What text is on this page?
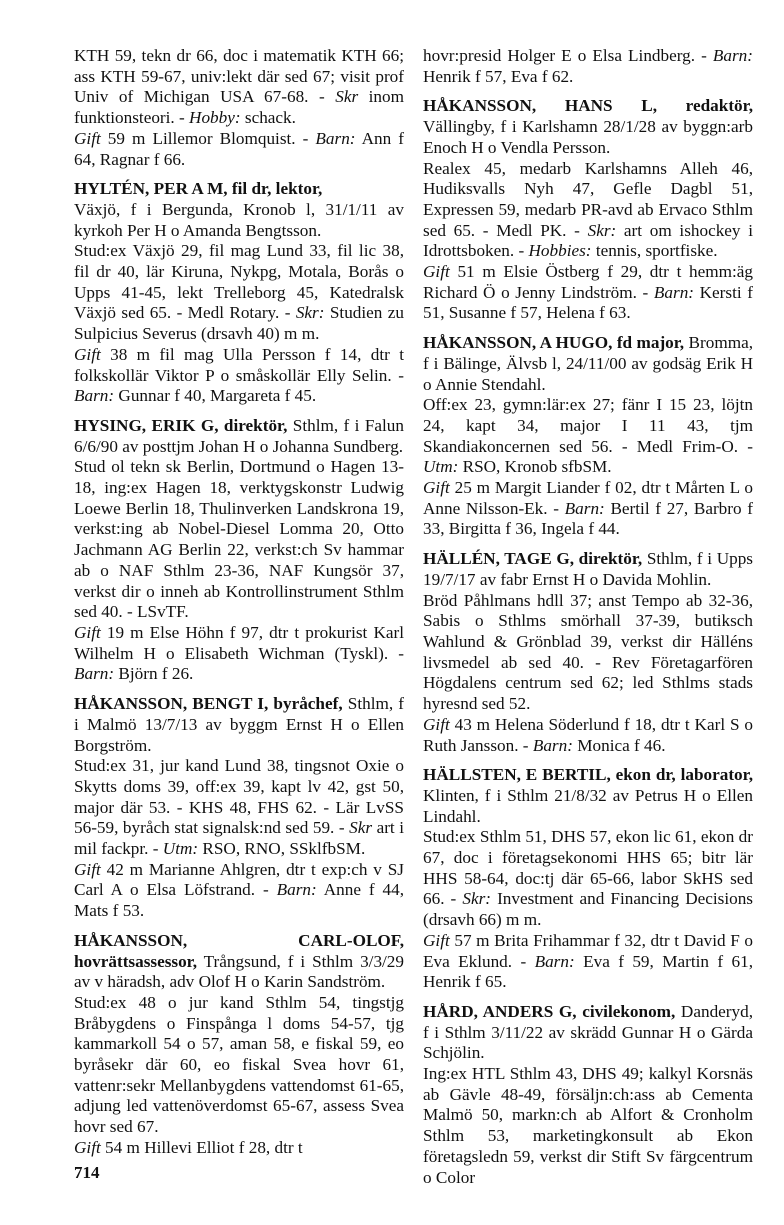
KTH 59, tekn dr 66, doc i matematik KTH 66; ass KTH 59-67, univ:lekt där sed 67; visit prof Univ of Michigan USA 67-68. - Skr inom funktionsteori. - Hobby: schack.

Gift 59 m Lillemor Blomquist. - Barn: Ann f 64, Ragnar f 66.

HYLTÉN, PER A M, fil dr, lektor,

Växjö, f i Bergunda, Kronob l, 31/1/11 av kyrkoh Per H o Amanda Bengtsson.

Stud:ex Växjö 29, fil mag Lund 33, fil lic 38, fil dr 40, lär Kiruna, Nykpg, Motala, Borås o Upps 41-45, lekt Trelleborg 45, Katedralsk Växjö sed 65. - Medl Rotary. - Skr: Studien zu Sulpicius Severus (drsavh 40) m m.

Gift 38 m fil mag Ulla Persson f 14, dtr t folkskollär Viktor P o småskollär Elly Selin. - Barn: Gunnar f 40, Margareta f 45.

HYSING, ERIK G, direktör, Sthlm, f i Falun 6/6/90 av posttjm Johan H o Johanna Sundberg.

Stud ol tekn sk Berlin, Dortmund o Hagen 13-18, ing:ex Hagen 18, verktygskonstr Ludwig Loewe Berlin 18, Thulinverken Landskrona 19, verkst:ing ab Nobel-Diesel Lomma 20, Otto Jachmann AG Berlin 22, verkst:ch Sv hammar ab o NAF Sthlm 23-36, NAF Kungsör 37, verkst dir o inneh ab Kontrollinstrument Sthlm sed 40. - LSvTF.

Gift 19 m Else Höhn f 97, dtr t prokurist Karl Wilhelm H o Elisabeth Wichman (Tyskl). - Barn: Björn f 26.

HÅKANSSON, BENGT I, byråchef, Sthlm, f i Malmö 13/7/13 av byggm Ernst H o Ellen Borgström.

Stud:ex 31, jur kand Lund 38, tingsnot Oxie o Skytts doms 39, off:ex 39, kapt lv 42, gst 50, major där 53. - KHS 48, FHS 62. - Lär LvSS 56-59, byråch stat signalsk:nd sed 59. - Skr art i mil fackpr. - Utm: RSO, RNO, SSklfbSM.

Gift 42 m Marianne Ahlgren, dtr t exp:ch v SJ Carl A o Elsa Löfstrand. - Barn: Anne f 44, Mats f 53.

HÅKANSSON, CARL-OLOF, hovrättsassessor, Trångsund, f i Sthlm 3/3/29 av v häradsh, adv Olof H o Karin Sandström.

Stud:ex 48 o jur kand Sthlm 54, tingstjg Bråbygdens o Finspånga l doms 54-57, tjg kammarkoll 54 o 57, aman 58, e fiskal 59, eo byråsekr där 60, eo fiskal Svea hovr 61, vattenr:sekr Mellanbygdens vattendomst 61-65, adjung led vattenöverdomst 65-67, assess Svea hovr sed 67.

Gift 54 m Hillevi Elliot f 28, dtr t

hovr:presid Holger E o Elsa Lindberg. - Barn: Henrik f 57, Eva f 62.

HÅKANSSON, HANS L, redaktör, Vällingby, f i Karlshamn 28/1/28 av byggn:arb Enoch H o Vendla Persson.

Realex 45, medarb Karlshamns Alleh 46, Hudiksvalls Nyh 47, Gefle Dagbl 51, Expressen 59, medarb PR-avd ab Ervaco Sthlm sed 65. - Medl PK. - Skr: art om ishockey i Idrottsboken. - Hobbies: tennis, sportfiske.

Gift 51 m Elsie Östberg f 29, dtr t hemm:äg Richard Ö o Jenny Lindström. - Barn: Kersti f 51, Susanne f 57, Helena f 63.

HÅKANSSON, A HUGO, fd major, Bromma, f i Bälinge, Älvsb l, 24/11/00 av godsäg Erik H o Annie Stendahl.

Off:ex 23, gymn:lär:ex 27; fänr I 15 23, löjtn 24, kapt 34, major I 11 43, tjm Skandiakoncernen sed 56. - Medl Frim-O. - Utm: RSO, Kronob sfbSM.

Gift 25 m Margit Liander f 02, dtr t Mårten L o Anne Nilsson-Ek. - Barn: Bertil f 27, Barbro f 33, Birgitta f 36, Ingela f 44.

HÄLLÉN, TAGE G, direktör, Sthlm, f i Upps 19/7/17 av fabr Ernst H o Davida Mohlin.

Bröd Påhlmans hdll 37; anst Tempo ab 32-36, Sabis o Sthlms smörhall 37-39, butiksch Wahlund & Grönblad 39, verkst dir Hälléns livsmedel ab sed 40. - Rev Företagarfören Högdalens centrum sed 62; led Sthlms stads hyresnd sed 52.

Gift 43 m Helena Söderlund f 18, dtr t Karl S o Ruth Jansson. - Barn: Monica f 46.

HÄLLSTEN, E BERTIL, ekon dr, laborator, Klinten, f i Sthlm 21/8/32 av Petrus H o Ellen Lindahl.

Stud:ex Sthlm 51, DHS 57, ekon lic 61, ekon dr 67, doc i företagsekonomi HHS 65; bitr lär HHS 58-64, doc:tj där 65-66, labor SkHS sed 66. - Skr: Investment and Financing Decisions (drsavh 66) m m.

Gift 57 m Brita Frihammar f 32, dtr t David F o Eva Eklund. - Barn: Eva f 59, Martin f 61, Henrik f 65.

HÅRD, ANDERS G, civilekonom, Danderyd, f i Sthlm 3/11/22 av skrädd Gunnar H o Gärda Schjölin.

Ing:ex HTL Sthlm 43, DHS 49; kalkyl Korsnäs ab Gävle 48-49, försäljn:ch:ass ab Cementa Malmö 50, markn:ch ab Alfort & Cronholm Sthlm 53, marketingkonsult ab Ekon företagsledn 59, verkst dir Stift Sv färgcentrum o Color

714
